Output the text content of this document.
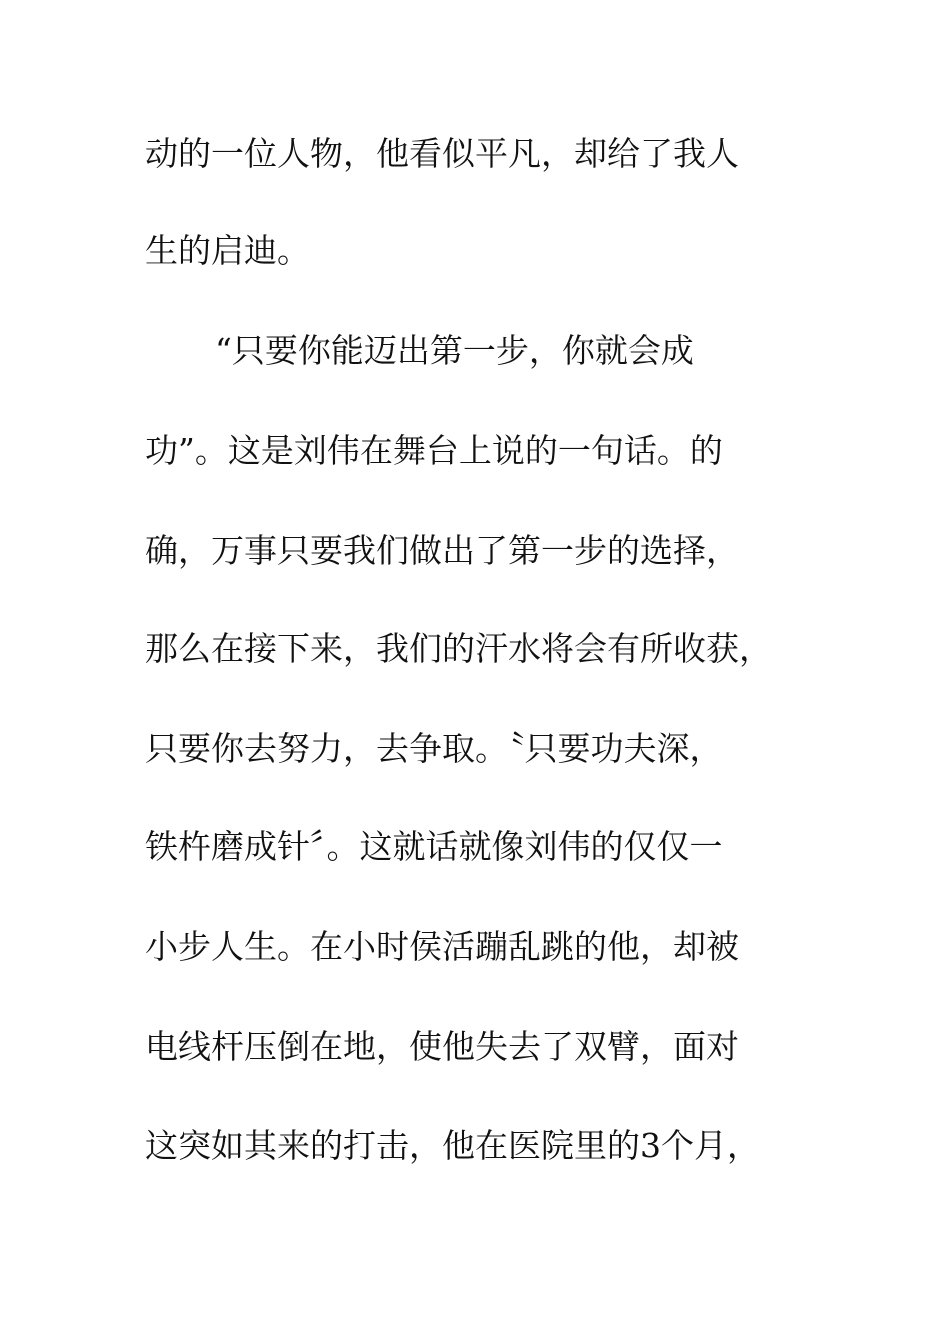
动的一位人物，他看似平凡，却给了我人
生的启迪。
“只要你能迈出第一步，你就会成
功”。这是刘伟在舞台上说的一句话。的
确，万事只要我们做出了第一步的选择，
那么在接下来，我们的汗水将会有所收获，
只要你去努力，去争取。〝只要功夫深，
铁杵磨成针〞。这就话就像刘伟的仅仅一
小步人生。在小时侯活蹦乱跳的他，却被
电线杆压倒在地，使他失去了双臂，面对
这突如其来的打击，他在医院里的3个月，
